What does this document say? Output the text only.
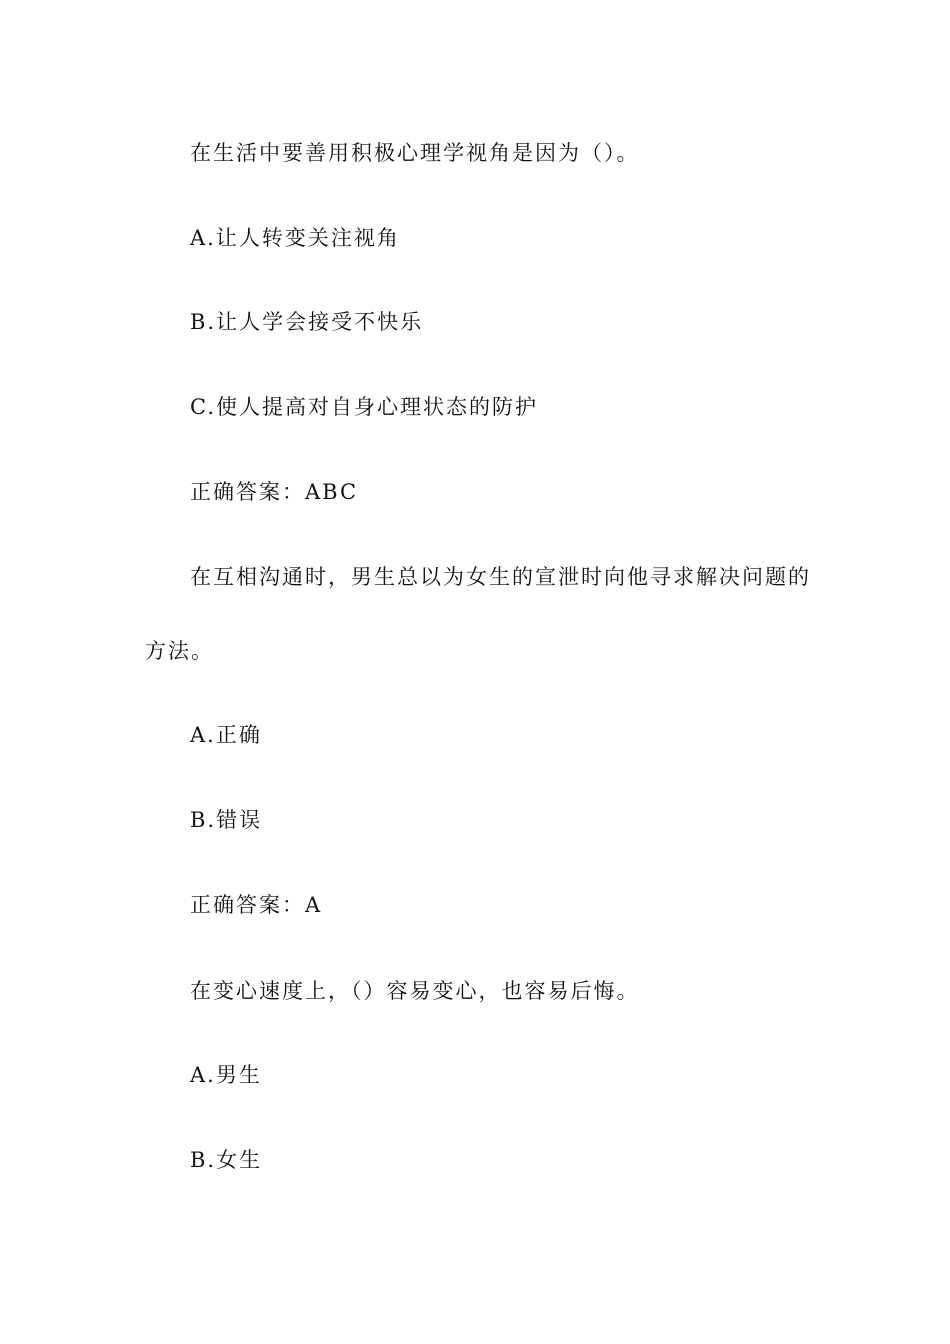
在生活中要善用积极心理学视角是因为（）。
A.让人转变关注视角
B.让人学会接受不快乐
C.使人提高对自身心理状态的防护
正确答案：ABC
在互相沟通时，男生总以为女生的宣泄时向他寻求解决问题的
方法。
A.正确
B.错误
正确答案：A
在变心速度上，（）容易变心，也容易后悔。
A.男生
B.女生
